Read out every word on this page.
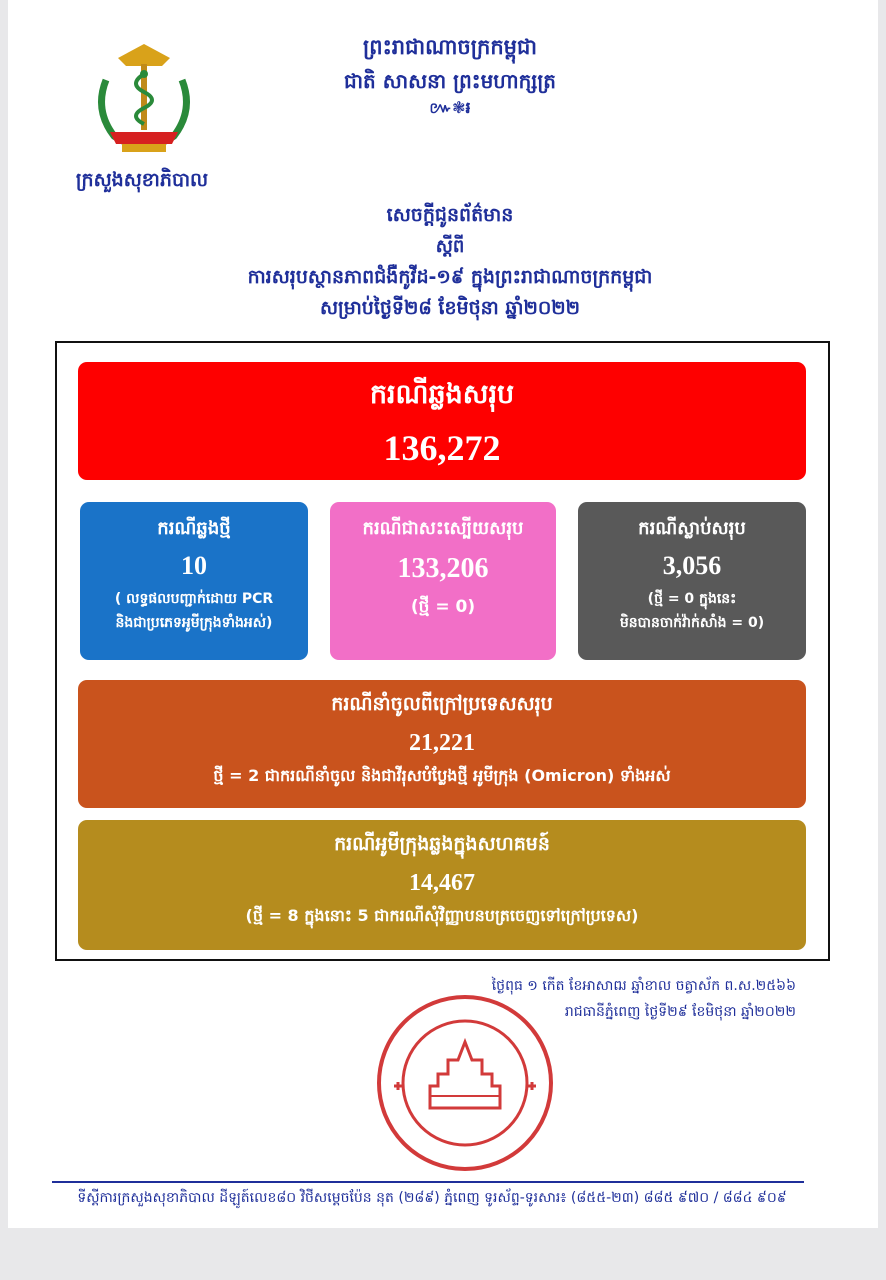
ព្រះរាជាណាចក្រកម្ពុជា
ជាតិ សាសនា ព្រះមហាក្សត្រ
៚❃៛
ក្រសួងសុខាភិបាល
សេចក្តីជូនព័ត៌មាន
ស្តីពី
ការសរុបស្ថានភាពជំងឺកូវីដ-១៩ ក្នុងព្រះរាជាណាចក្រកម្ពុជា
សម្រាប់ថ្ងៃទី២៨ ខែមិថុនា ឆ្នាំ២០២២
ករណីឆ្លងសរុប
136,272
ករណីឆ្លងថ្មី
10
( លទ្ធផលបញ្ជាក់ដោយ PCR
និងជាប្រភេទអូមីក្រុងទាំងអស់)
ករណីជាសះស្បើយសរុប
133,206
(ថ្មី = 0)
ករណីស្លាប់សរុប
3,056
(ថ្មី = 0 ក្នុងនេះ
មិនបានចាក់វ៉ាក់សាំង = 0)
ករណីនាំចូលពីក្រៅប្រទេសសរុប
21,221
ថ្មី = 2 ជាករណីនាំចូល និងជាវីរុសបំប្លែងថ្មី អូមីក្រុង (Omicron) ទាំងអស់
ករណីអូមីក្រុងឆ្លងក្នុងសហគមន៍
14,467
(ថ្មី = 8 ក្នុងនោះ 5 ជាករណីសុំវិញ្ញាបនបត្រចេញទៅក្រៅប្រទេស)
ថ្ងៃពុធ ១ កើត ខែអាសាឍ ឆ្នាំខាល ចត្វាស័ក ព.ស.២៥៦៦
រាជធានីភ្នំពេញ ថ្ងៃទី២៩ ខែមិថុនា ឆ្នាំ២០២២
ទីស្តីការក្រសួងសុខាភិបាល ដីឡូត៍លេខ៨០ វិថីសម្តេចប៉ែន នុត (២៨៩) ភ្នំពេញ ទូរស័ព្ទ-ទូរសារ៖ (៨៥៥-២៣) ៨៨៥ ៩៧០ / ៨៨៤ ៩០៩
